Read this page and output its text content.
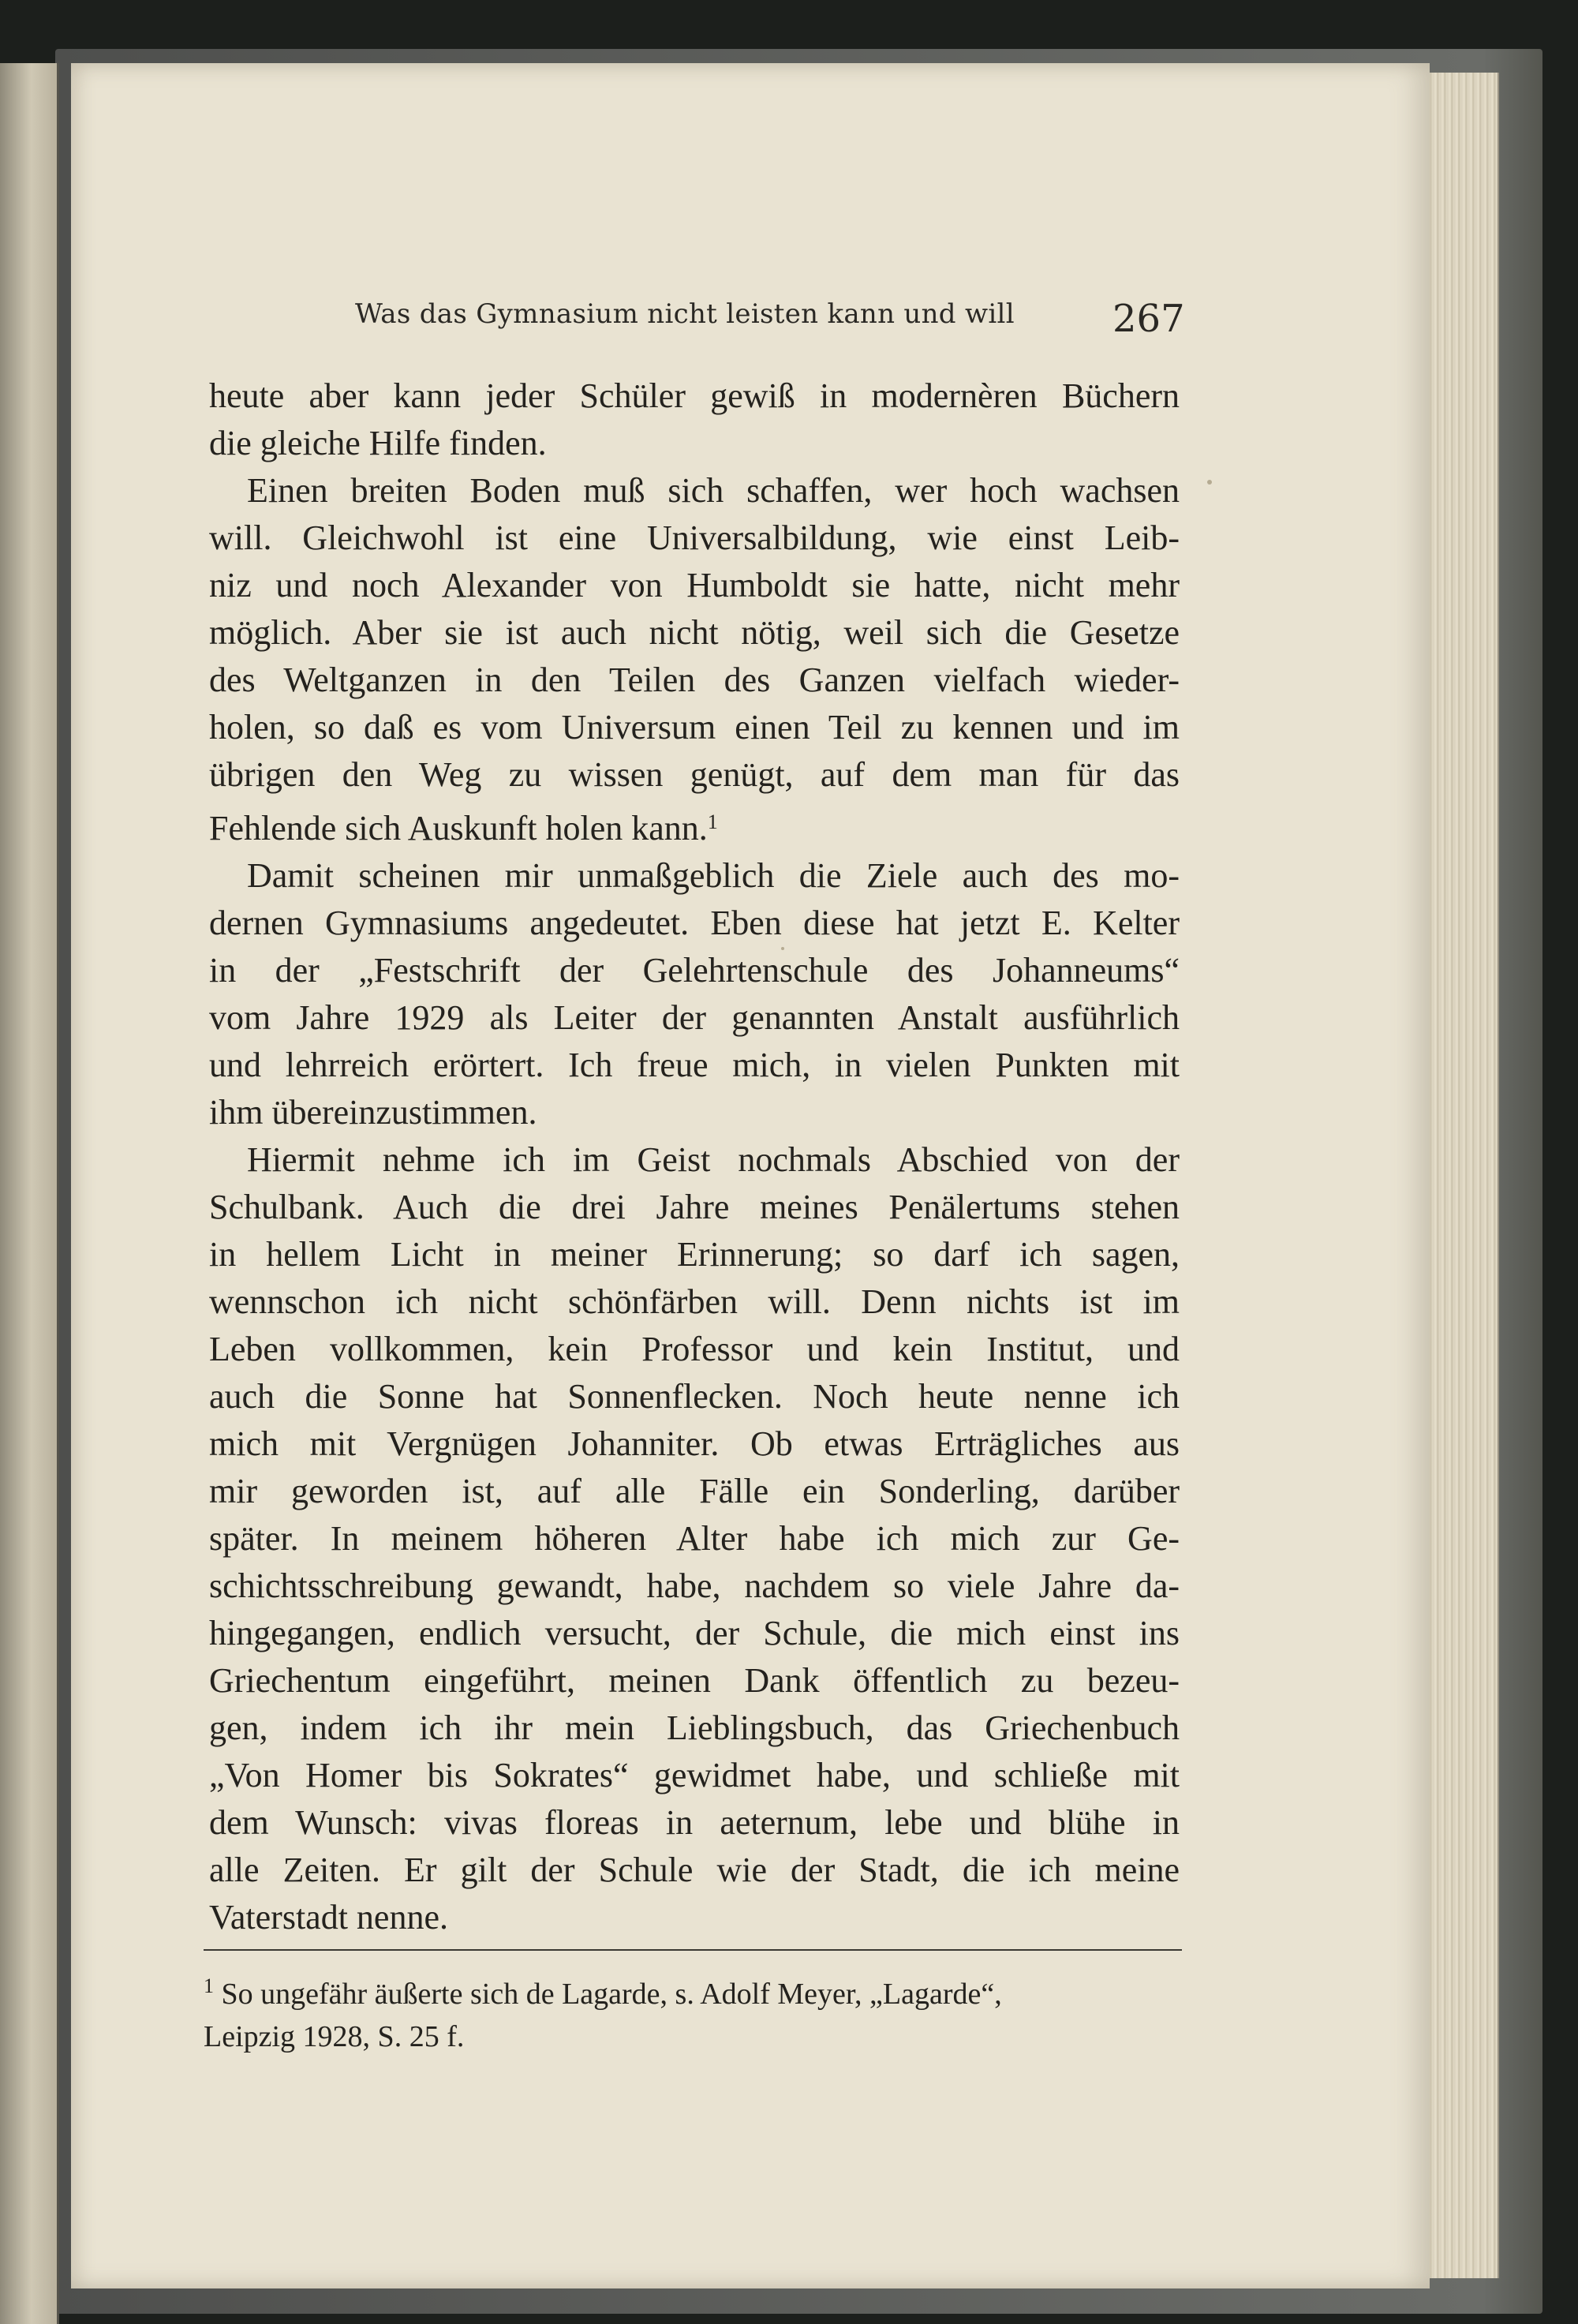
Was das Gymnasium nicht leisten kann und will	267

heute aber kann jeder Schüler gewiß in modernèren Büchern
die gleiche Hilfe finden.

Einen breiten Boden muß sich schaffen, wer hoch wachsen
will. Gleichwohl ist eine Universalbildung, wie einst Leib-
niz und noch Alexander von Humboldt sie hatte, nicht mehr
möglich. Aber sie ist auch nicht nötig, weil sich die Gesetze
des Weltganzen in den Teilen des Ganzen vielfach wieder-
holen, so daß es vom Universum einen Teil zu kennen und im
übrigen den Weg zu wissen genügt, auf dem man für das
Fehlende sich Auskunft holen kann.$^1$

Damit scheinen mir unmaßgeblich die Ziele auch des mo-
dernen Gymnasiums angedeutet. Eben diese hat jetzt E. Kelter
in der „Festschrift der Gelehrtenschule des Johanneums“
vom Jahre 1929 als Leiter der genannten Anstalt ausführlich
und lehrreich erörtert. Ich freue mich, in vielen Punkten mit
ihm übereinzustimmen.

Hiermit nehme ich im Geist nochmals Abschied von der
Schulbank. Auch die drei Jahre meines Penälertums stehen
in hellem Licht in meiner Erinnerung; so darf ich sagen,
wennschon ich nicht schönfärben will. Denn nichts ist im
Leben vollkommen, kein Professor und kein Institut, und
auch die Sonne hat Sonnenflecken. Noch heute nenne ich
mich mit Vergnügen Johanniter. Ob etwas Erträgliches aus
mir geworden ist, auf alle Fälle ein Sonderling, darüber
später. In meinem höheren Alter habe ich mich zur Ge-
schichtsschreibung gewandt, habe, nachdem so viele Jahre da-
hingegangen, endlich versucht, der Schule, die mich einst ins
Griechentum eingeführt, meinen Dank öffentlich zu bezeu-
gen, indem ich ihr mein Lieblingsbuch, das Griechenbuch
„Von Homer bis Sokrates“ gewidmet habe, und schließe mit
dem Wunsch: vivas floreas in aeternum, lebe und blühe in
alle Zeiten. Er gilt der Schule wie der Stadt, die ich meine
Vaterstadt nenne.

$^1$ So ungefähr äußerte sich de Lagarde, s. Adolf Meyer, „Lagarde“,
Leipzig 1928, S. 25 f.
